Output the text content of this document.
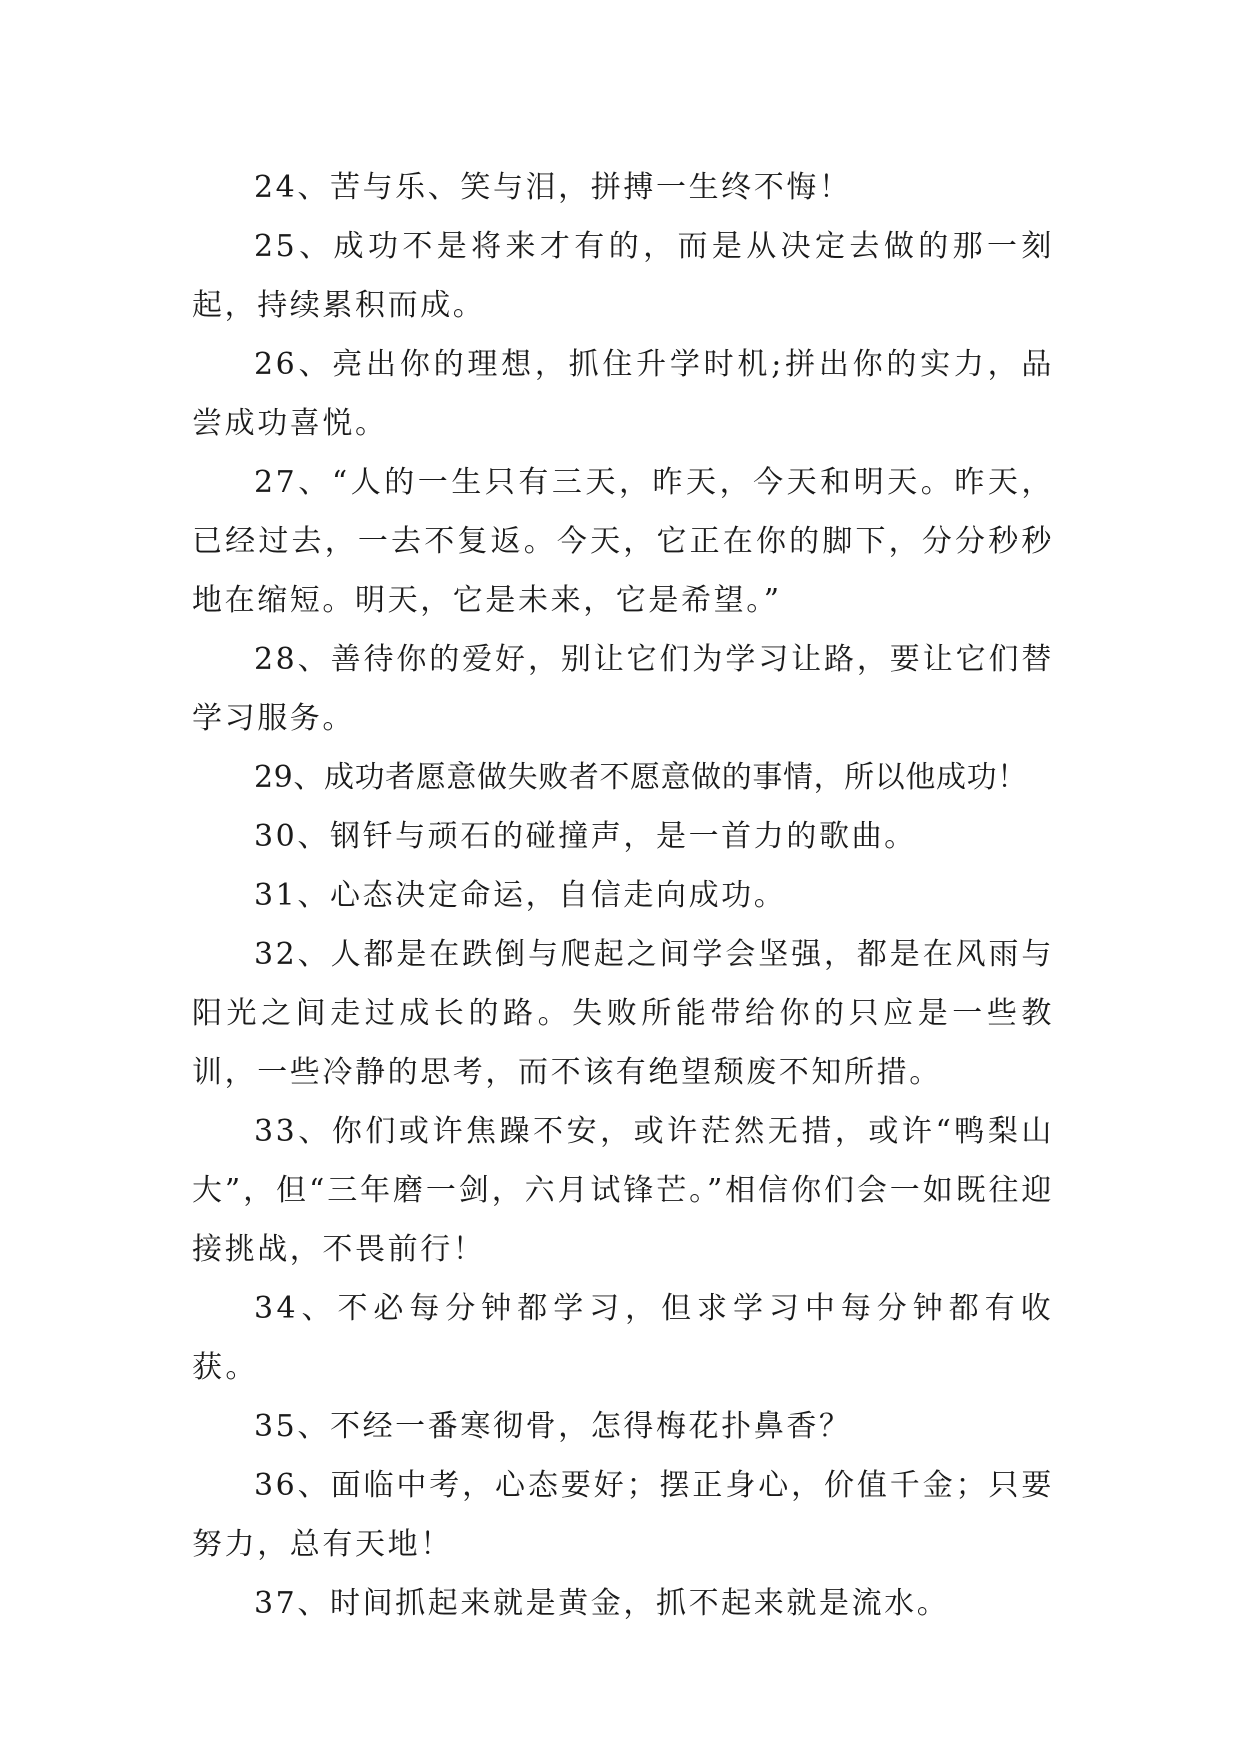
24、苦与乐、笑与泪，拼搏一生终不悔！

25、成功不是将来才有的，而是从决定去做的那一刻起，持续累积而成。

26、亮出你的理想，抓住升学时机;拼出你的实力，品尝成功喜悦。

27、“人的一生只有三天，昨天，今天和明天。昨天，已经过去，一去不复返。今天，它正在你的脚下，分分秒秒地在缩短。明天，它是未来，它是希望。”

28、善待你的爱好，别让它们为学习让路，要让它们替学习服务。

29、成功者愿意做失败者不愿意做的事情，所以他成功！

30、钢钎与顽石的碰撞声，是一首力的歌曲。

31、心态决定命运，自信走向成功。

32、人都是在跌倒与爬起之间学会坚强，都是在风雨与阳光之间走过成长的路。失败所能带给你的只应是一些教训，一些冷静的思考，而不该有绝望颓废不知所措。

33、你们或许焦躁不安，或许茫然无措，或许“鸭梨山大”，但“三年磨一剑，六月试锋芒。”相信你们会一如既往迎接挑战，不畏前行！

34、不必每分钟都学习，但求学习中每分钟都有收获。

35、不经一番寒彻骨，怎得梅花扑鼻香？

36、面临中考，心态要好；摆正身心，价值千金；只要努力，总有天地！

37、时间抓起来就是黄金，抓不起来就是流水。
